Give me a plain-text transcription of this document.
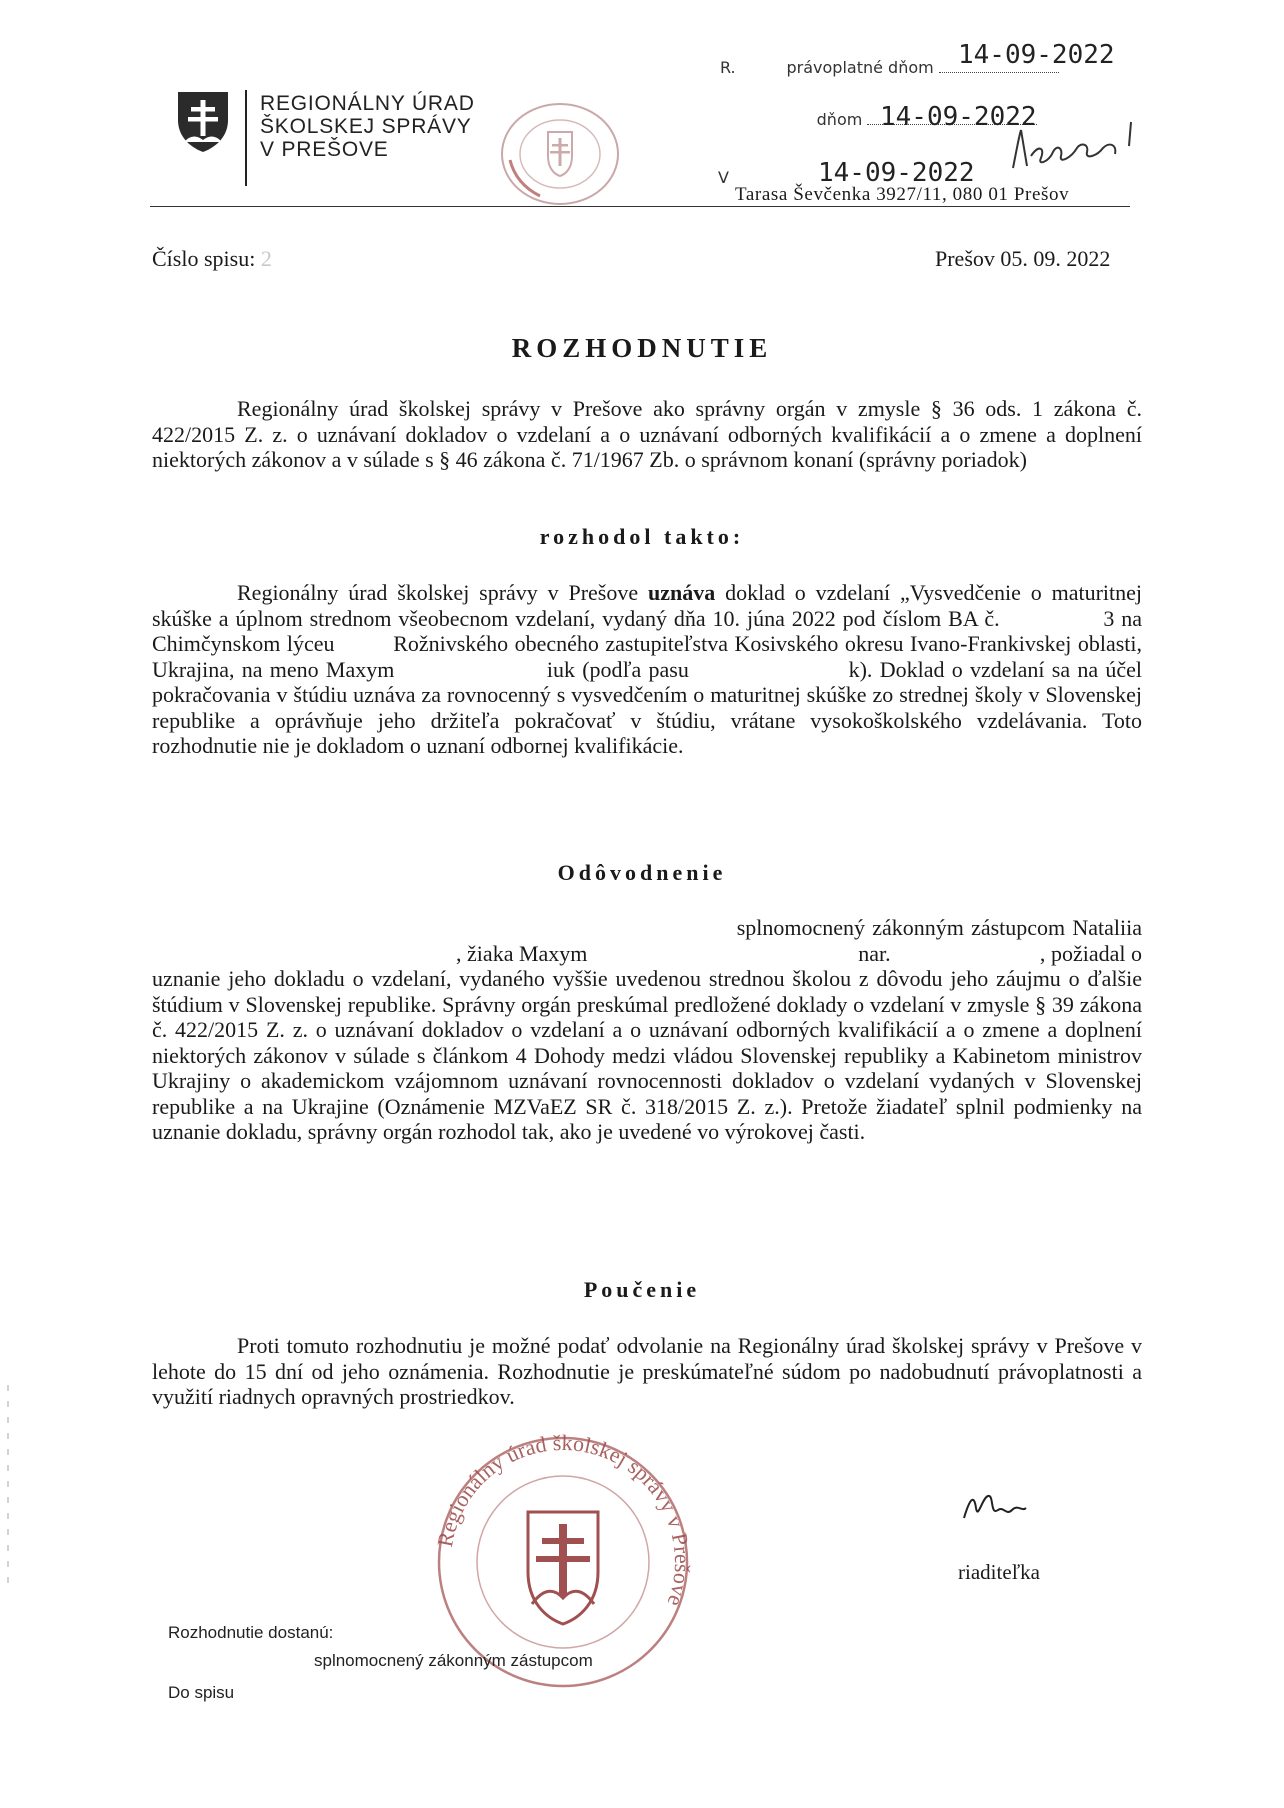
REGIONÁLNY ÚRAD
ŠKOLSKEJ SPRÁVY
V PREŠOVE
R.          právoplatné dňom 14-09-2022
dňom 14-09-2022
V	14-09-2022
Tarasa Ševčenka 3927/11, 080 01 Prešov
Číslo spisu: 2	Prešov 05. 09. 2022
ROZHODNUTIE
Regionálny úrad školskej správy v Prešove ako správny orgán v zmysle § 36 ods. 1 zákona č. 422/2015 Z. z. o uznávaní dokladov o vzdelaní a o uznávaní odborných kvalifikácií a o zmene a doplnení niektorých zákonov a v súlade s § 46 zákona č. 71/1967 Zb. o správnom konaní (správny poriadok)
rozhodol takto:
Regionálny úrad školskej správy v Prešove uznáva doklad o vzdelaní „Vysvedčenie o maturitnej skúške a úplnom strednom všeobecnom vzdelaní, vydaný dňa 10. júna 2022 pod číslom BA č.	3 na Chimčynskom lýceu	Rožnivského obecného zastupiteľstva Kosivského okresu Ivano-Frankivskej oblasti, Ukrajina, na meno Maxym	iuk (podľa pasu	k). Doklad o vzdelaní sa na účel pokračovania v štúdiu uznáva za rovnocenný s vysvedčením o maturitnej skúške zo strednej školy v Slovenskej republike a oprávňuje jeho držiteľa pokračovať v štúdiu, vrátane vysokoškolského vzdelávania. Toto rozhodnutie nie je dokladom o uznaní odbornej kvalifikácie.
Odôvodnenie
splnomocnený zákonným zástupcom Nataliia                                                        , žiaka Maxym	nar.	, požiadal o uznanie jeho dokladu o vzdelaní, vydaného vyššie uvedenou strednou školou z dôvodu jeho záujmu o ďalšie štúdium v Slovenskej republike. Správny orgán preskúmal predložené doklady o vzdelaní v zmysle § 39 zákona č. 422/2015 Z. z. o uznávaní dokladov o vzdelaní a o uznávaní odborných kvalifikácií a o zmene a doplnení niektorých zákonov v súlade s článkom 4 Dohody medzi vládou Slovenskej republiky a Kabinetom ministrov Ukrajiny o akademickom vzájomnom uznávaní rovnocennosti dokladov o vzdelaní vydaných v Slovenskej republike a na Ukrajine (Oznámenie MZVaEZ SR č. 318/2015 Z. z.). Pretože žiadateľ splnil podmienky na uznanie dokladu, správny orgán rozhodol tak, ako je uvedené vo výrokovej časti.
Poučenie
Proti tomuto rozhodnutiu je možné podať odvolanie na Regionálny úrad školskej správy v Prešove v lehote do 15 dní od jeho oznámenia. Rozhodnutie je preskúmateľné súdom po nadobudnutí právoplatnosti a využití riadnych opravných prostriedkov.
Regionálny úrad školskej správy v Prešove
riaditeľka
Rozhodnutie dostanú:
splnomocnený zákonným zástupcom
Do spisu
